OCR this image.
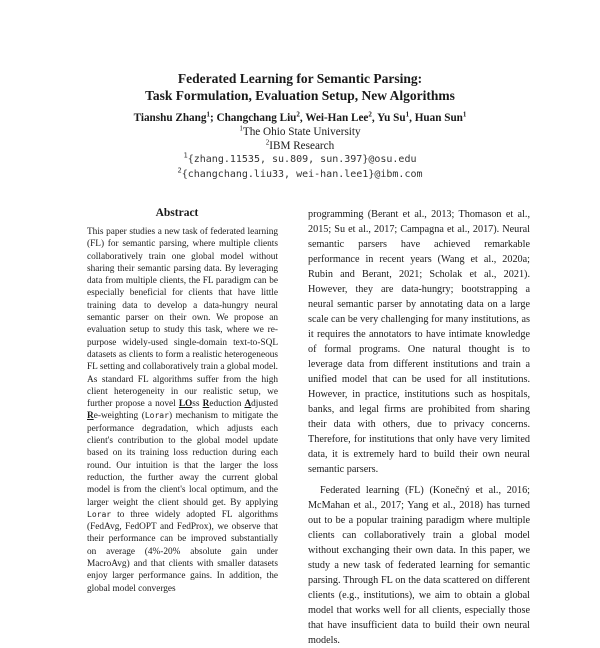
Federated Learning for Semantic Parsing:
Task Formulation, Evaluation Setup, New Algorithms
Tianshu Zhang$^1$; Changchang Liu$^2$, Wei-Han Lee$^2$, Yu Su$^1$, Huan Sun$^1$
$^1$The Ohio State University
$^2$IBM Research
$^1${zhang.11535, su.809, sun.397}@osu.edu
$^2${changchang.liu33, wei-han.lee1}@ibm.com
Abstract
This paper studies a new task of federated learning (FL) for semantic parsing, where multiple clients collaboratively train one global model without sharing their semantic parsing data. By leveraging data from multiple clients, the FL paradigm can be especially beneficial for clients that have little training data to develop a data-hungry neural semantic parser on their own. We propose an evaluation setup to study this task, where we re-purpose widely-used single-domain text-to-SQL datasets as clients to form a realistic heterogeneous FL setting and collaboratively train a global model. As standard FL algorithms suffer from the high client heterogeneity in our realistic setup, we further propose a novel LOss Reduction Adjusted Re-weighting (Lorar) mechanism to mitigate the performance degradation, which adjusts each client's contribution to the global model update based on its training loss reduction during each round. Our intuition is that the larger the loss reduction, the further away the current global model is from the client's local optimum, and the larger weight the client should get. By applying Lorar to three widely adopted FL algorithms (FedAvg, FedOPT and FedProx), we observe that their performance can be improved substantially on average (4%-20% absolute gain under MacroAvg) and that clients with smaller datasets enjoy larger performance gains. In addition, the global model converges

programming (Berant et al., 2013; Thomason et al., 2015; Su et al., 2017; Campagna et al., 2017). Neural semantic parsers have achieved remarkable performance in recent years (Wang et al., 2020a; Rubin and Berant, 2021; Scholak et al., 2021). However, they are data-hungry; bootstrapping a neural semantic parser by annotating data on a large scale can be very challenging for many institutions, as it requires the annotators to have intimate knowledge of formal programs. One natural thought is to leverage data from different institutions and train a unified model that can be used for all institutions. However, in practice, institutions such as hospitals, banks, and legal firms are prohibited from sharing their data with others, due to privacy concerns. Therefore, for institutions that only have very limited data, it is extremely hard to build their own neural semantic parsers.

Federated learning (FL) (Konečný et al., 2016; McMahan et al., 2017; Yang et al., 2018) has turned out to be a popular training paradigm where multiple clients can collaboratively train a global model without exchanging their own data. In this paper, we study a new task of federated learning for semantic parsing. Through FL on the data scattered on different clients (e.g., institutions), we aim to obtain a global model that works well for all clients, especially those that have insufficient data to build their own neural models.
